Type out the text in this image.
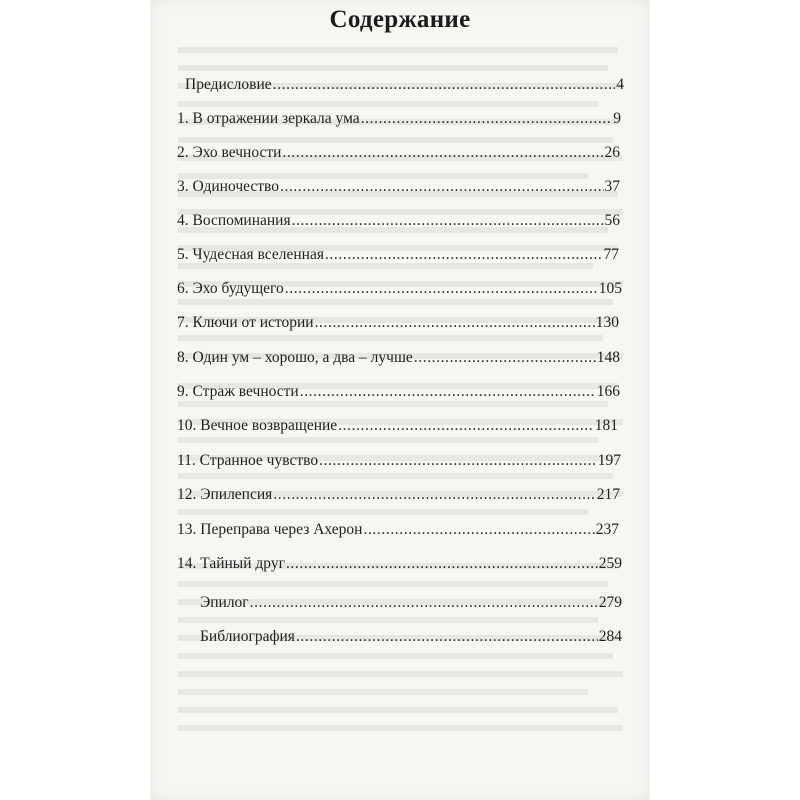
Содержание
Предисловие .....	4
1. В отражении зеркала ума .....	9
2. Эхо вечности .....	26
3. Одиночество .....	37
4. Воспоминания .....	56
5. Чудесная вселенная .....	77
6. Эхо будущего .....	105
7. Ключи от истории .....	130
8. Один ум – хорошо, а два – лучше .....	148
9. Страж вечности .....	166
10. Вечное возвращение .....	181
11. Странное чувство .....	197
12. Эпилепсия .....	217
13. Переправа через Ахерон .....	237
14. Тайный друг .....	259
Эпилог .....	279
Библиография .....	284
